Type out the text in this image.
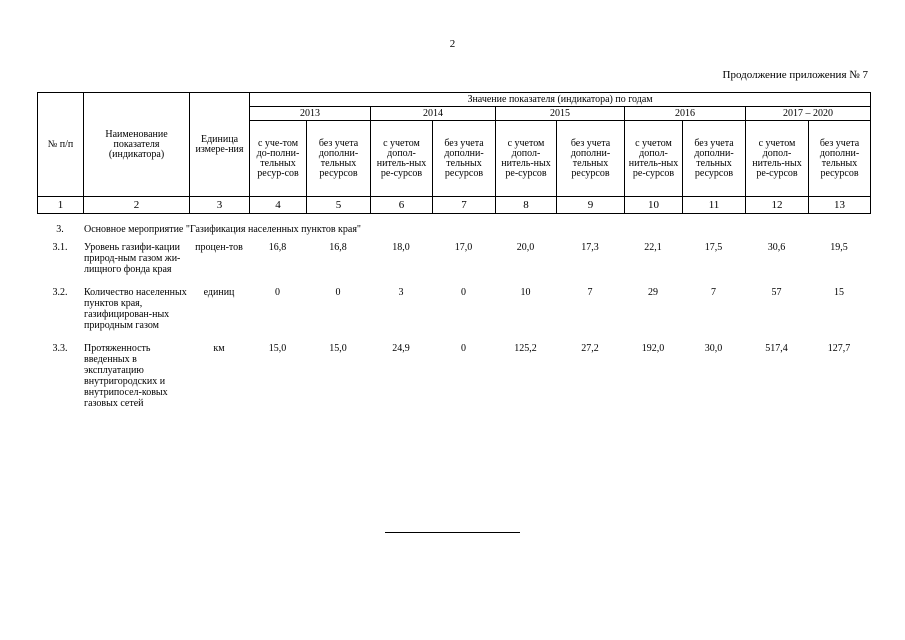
2
Продолжение приложения № 7
№ п/п	Наименование показателя (индикатора)	Единица измере-ния	Значение показателя (индикатора) по годам									
			2013		2014		2015		2016		2017 – 2020	
			с уче-том до-полни-тельных ресур-сов	без учета дополни-тельных ресурсов	с учетом допол-нитель-ных ре-сурсов	без учета дополни-тельных ресурсов	с учетом допол-нитель-ных ре-сурсов	без учета дополни-тельных ресурсов	с учетом допол-нитель-ных ре-сурсов	без учета дополни-тельных ресурсов	с учетом допол-нитель-ных ре-сурсов	без учета дополни-тельных ресурсов
1	2	3	4	5	6	7	8	9	10	11	12	13
3.	Основное мероприятие "Газификация населенных пунктов края"											
3.1.	Уровень газифи-кации природ-ным газом жи-лищного фонда края	процен-тов	16,8	16,8	18,0	17,0	20,0	17,3	22,1	17,5	30,6	19,5
3.2.	Количество населенных пунктов края, газифицирован-ных природным газом	единиц	0	0	3	0	10	7	29	7	57	15
3.3.	Протяженность введенных в эксплуатацию внутригородских и внутрипосел-ковых газовых сетей	км	15,0	15,0	24,9	0	125,2	27,2	192,0	30,0	517,4	127,7
